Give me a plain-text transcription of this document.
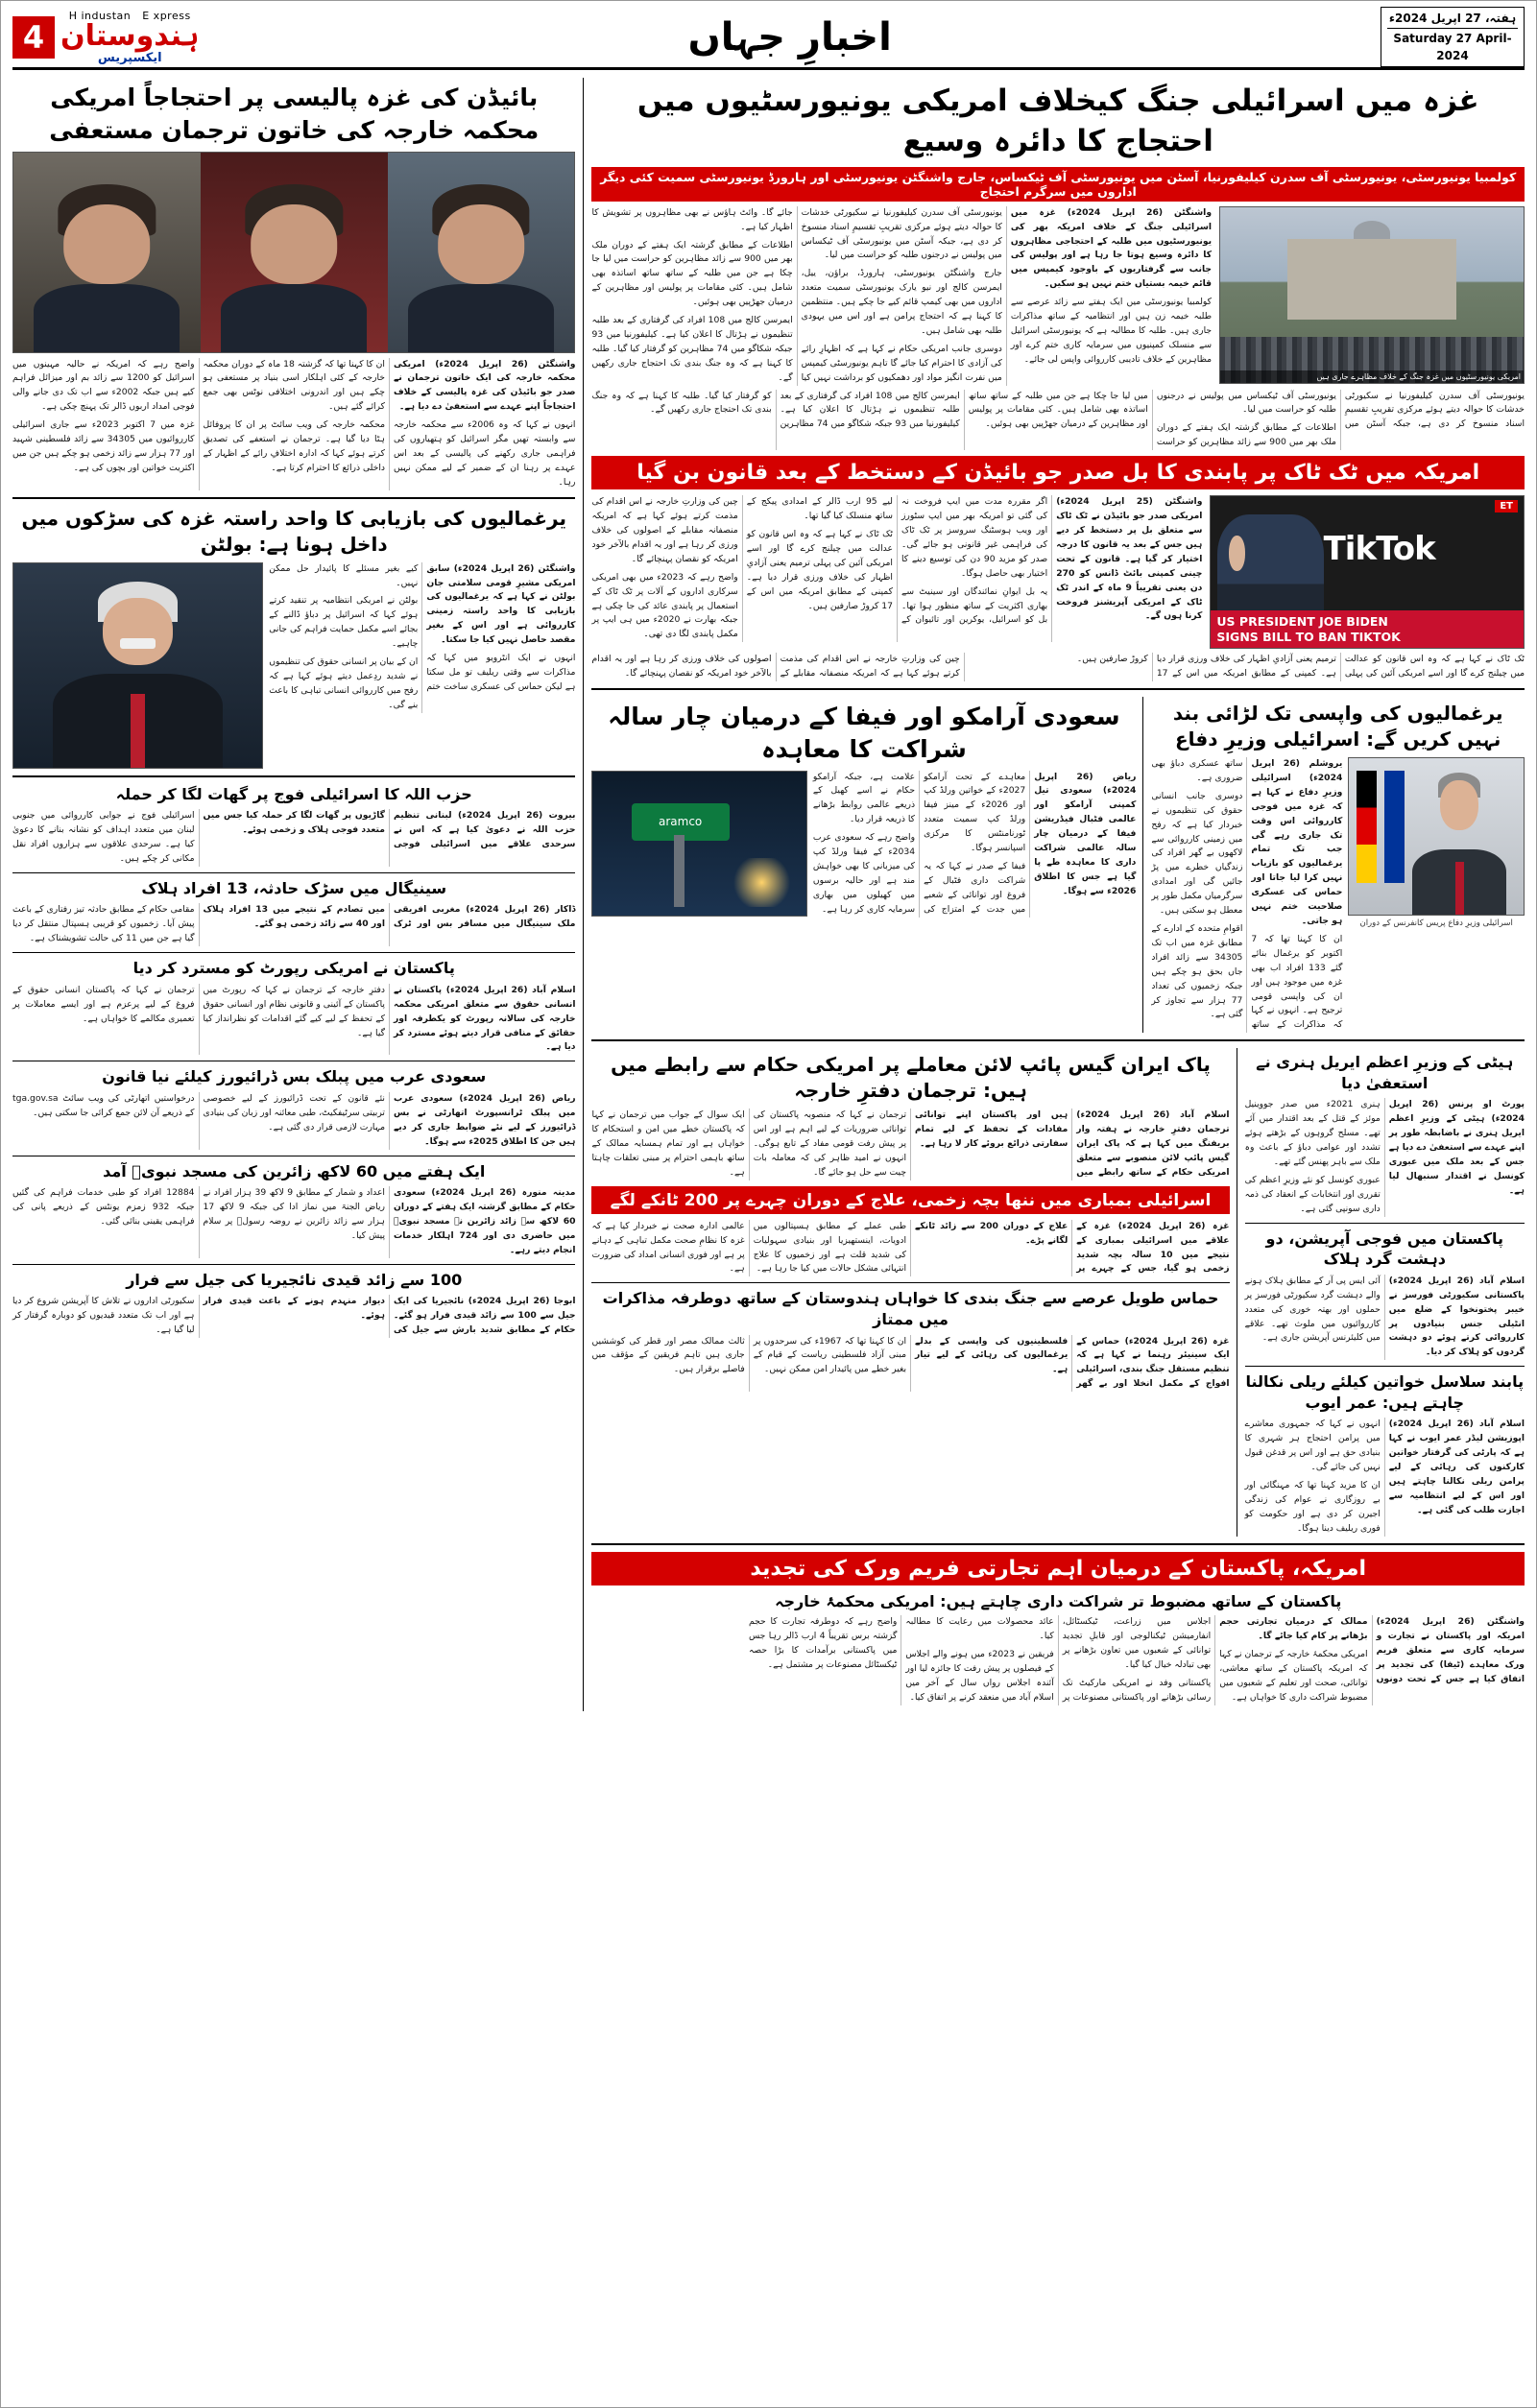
ہفتہ، 27 اپریل 2024ء
Saturday 27 April-2024
اخبارِ جہاں
H industan E xpress
ہندوستان
ایکسپریس
4
غزہ میں اسرائیلی جنگ کیخلاف امریکی یونیورسٹیوں میں احتجاج کا دائرہ وسیع
کولمبیا یونیورسٹی، یونیورسٹی آف سدرن کیلیفورنیا، آسٹن میں یونیورسٹی آف ٹیکساس، جارج واشنگٹن یونیورسٹی اور ہارورڈ یونیورسٹی سمیت کئی دیگر اداروں میں سرگرم احتجاج
امریکی یونیورسٹیوں میں غزہ جنگ کے خلاف مظاہرے جاری ہیں

واشنگٹن (26 اپریل 2024ء) غزہ میں اسرائیلی جنگ کے خلاف امریکہ بھر کی یونیورسٹیوں میں طلبہ کے احتجاجی مظاہروں کا دائرہ وسیع ہوتا جا رہا ہے اور پولیس کی جانب سے گرفتاریوں کے باوجود کیمپس میں قائم خیمہ بستیاں ختم نہیں ہو سکیں۔

کولمبیا یونیورسٹی میں ایک ہفتے سے زائد عرصے سے طلبہ خیمہ زن ہیں اور انتظامیہ کے ساتھ مذاکرات جاری ہیں۔ طلبہ کا مطالبہ ہے کہ یونیورسٹی اسرائیل سے منسلک کمپنیوں میں سرمایہ کاری ختم کرے اور مظاہرین کے خلاف تادیبی کارروائی واپس لی جائے۔

یونیورسٹی آف سدرن کیلیفورنیا نے سکیورٹی خدشات کا حوالہ دیتے ہوئے مرکزی تقریبِ تقسیمِ اسناد منسوخ کر دی ہے، جبکہ آسٹن میں یونیورسٹی آف ٹیکساس میں پولیس نے درجنوں طلبہ کو حراست میں لیا۔

جارج واشنگٹن یونیورسٹی، ہارورڈ، براؤن، ییل، ایمرسن کالج اور نیو یارک یونیورسٹی سمیت متعدد اداروں میں بھی کیمپ قائم کیے جا چکے ہیں۔ منتظمین کا کہنا ہے کہ احتجاج پرامن ہے اور اس میں یہودی طلبہ بھی شامل ہیں۔

دوسری جانب امریکی حکام نے کہا ہے کہ اظہارِ رائے کی آزادی کا احترام کیا جائے گا تاہم یونیورسٹی کیمپس میں نفرت انگیز مواد اور دھمکیوں کو برداشت نہیں کیا جائے گا۔ وائٹ ہاؤس نے بھی مظاہروں پر تشویش کا اظہار کیا ہے۔

اطلاعات کے مطابق گزشتہ ایک ہفتے کے دوران ملک بھر میں 900 سے زائد مظاہرین کو حراست میں لیا جا چکا ہے جن میں طلبہ کے ساتھ ساتھ اساتذہ بھی شامل ہیں۔ کئی مقامات پر پولیس اور مظاہرین کے درمیان جھڑپیں بھی ہوئیں۔

ایمرسن کالج میں 108 افراد کی گرفتاری کے بعد طلبہ تنظیموں نے ہڑتال کا اعلان کیا ہے۔ کیلیفورنیا میں 93 جبکہ شکاگو میں 74 مظاہرین کو گرفتار کیا گیا۔ طلبہ کا کہنا ہے کہ وہ جنگ بندی تک احتجاج جاری رکھیں گے۔

یونیورسٹی آف سدرن کیلیفورنیا نے سکیورٹی خدشات کا حوالہ دیتے ہوئے مرکزی تقریبِ تقسیمِ اسناد منسوخ کر دی ہے، جبکہ آسٹن میں یونیورسٹی آف ٹیکساس میں پولیس نے درجنوں طلبہ کو حراست میں لیا۔

اطلاعات کے مطابق گزشتہ ایک ہفتے کے دوران ملک بھر میں 900 سے زائد مظاہرین کو حراست میں لیا جا چکا ہے جن میں طلبہ کے ساتھ ساتھ اساتذہ بھی شامل ہیں۔ کئی مقامات پر پولیس اور مظاہرین کے درمیان جھڑپیں بھی ہوئیں۔

ایمرسن کالج میں 108 افراد کی گرفتاری کے بعد طلبہ تنظیموں نے ہڑتال کا اعلان کیا ہے۔ کیلیفورنیا میں 93 جبکہ شکاگو میں 74 مظاہرین کو گرفتار کیا گیا۔ طلبہ کا کہنا ہے کہ وہ جنگ بندی تک احتجاج جاری رکھیں گے۔

امریکہ میں ٹک ٹاک پر پابندی کا بل صدر جو بائیڈن کے دستخط کے بعد قانون بن گیا
ET
TikTok
US PRESIDENT JOE BIDEN
SIGNS BILL TO BAN TIKTOK

واشنگٹن (25 اپریل 2024ء) امریکی صدر جو بائیڈن نے ٹک ٹاک سے متعلق بل پر دستخط کر دیے ہیں جس کے بعد یہ قانون کا درجہ اختیار کر گیا ہے۔ قانون کے تحت چینی کمپنی بائٹ ڈانس کو 270 دن یعنی تقریباً 9 ماہ کے اندر ٹک ٹاک کے امریکی آپریشنز فروخت کرنا ہوں گے۔

اگر مقررہ مدت میں ایپ فروخت نہ کی گئی تو امریکہ بھر میں ایپ سٹورز اور ویب ہوسٹنگ سروسز پر ٹک ٹاک کی فراہمی غیر قانونی ہو جائے گی۔ صدر کو مزید 90 دن کی توسیع دینے کا اختیار بھی حاصل ہوگا۔

یہ بل ایوانِ نمائندگان اور سینیٹ سے بھاری اکثریت کے ساتھ منظور ہوا تھا۔ بل کو اسرائیل، یوکرین اور تائیوان کے لیے 95 ارب ڈالر کے امدادی پیکج کے ساتھ منسلک کیا گیا تھا۔

ٹک ٹاک نے کہا ہے کہ وہ اس قانون کو عدالت میں چیلنج کرے گا اور اسے امریکی آئین کی پہلی ترمیم یعنی آزادیِ اظہار کی خلاف ورزی قرار دیا ہے۔ کمپنی کے مطابق امریکہ میں اس کے 17 کروڑ صارفین ہیں۔

چین کی وزارتِ خارجہ نے اس اقدام کی مذمت کرتے ہوئے کہا ہے کہ امریکہ منصفانہ مقابلے کے اصولوں کی خلاف ورزی کر رہا ہے اور یہ اقدام بالآخر خود امریکہ کو نقصان پہنچائے گا۔

واضح رہے کہ 2023ء میں بھی امریکی سرکاری اداروں کے آلات پر ٹک ٹاک کے استعمال پر پابندی عائد کی جا چکی ہے جبکہ بھارت نے 2020ء میں ہی ایپ پر مکمل پابندی لگا دی تھی۔

ٹک ٹاک نے کہا ہے کہ وہ اس قانون کو عدالت میں چیلنج کرے گا اور اسے امریکی آئین کی پہلی ترمیم یعنی آزادیِ اظہار کی خلاف ورزی قرار دیا ہے۔ کمپنی کے مطابق امریکہ میں اس کے 17 کروڑ صارفین ہیں۔

چین کی وزارتِ خارجہ نے اس اقدام کی مذمت کرتے ہوئے کہا ہے کہ امریکہ منصفانہ مقابلے کے اصولوں کی خلاف ورزی کر رہا ہے اور یہ اقدام بالآخر خود امریکہ کو نقصان پہنچائے گا۔

یرغمالیوں کی واپسی تک لڑائی بند نہیں کریں گے: اسرائیلی وزیرِ دفاع
اسرائیلی وزیرِ دفاع پریس کانفرنس کے دوران

یروشلم (26 اپریل 2024ء) اسرائیلی وزیرِ دفاع نے کہا ہے کہ غزہ میں فوجی کارروائی اس وقت تک جاری رہے گی جب تک تمام یرغمالیوں کو بازیاب نہیں کرا لیا جاتا اور حماس کی عسکری صلاحیت ختم نہیں ہو جاتی۔

ان کا کہنا تھا کہ 7 اکتوبر کو یرغمال بنائے گئے 133 افراد اب بھی غزہ میں موجود ہیں اور ان کی واپسی قومی ترجیح ہے۔ انہوں نے کہا کہ مذاکرات کے ساتھ ساتھ عسکری دباؤ بھی ضروری ہے۔

دوسری جانب انسانی حقوق کی تنظیموں نے خبردار کیا ہے کہ رفح میں زمینی کارروائی سے لاکھوں بے گھر افراد کی زندگیاں خطرے میں پڑ جائیں گی اور امدادی سرگرمیاں مکمل طور پر معطل ہو سکتی ہیں۔

اقوامِ متحدہ کے ادارے کے مطابق غزہ میں اب تک 34305 سے زائد افراد جاں بحق ہو چکے ہیں جبکہ زخمیوں کی تعداد 77 ہزار سے تجاوز کر گئی ہے۔

سعودی آرامکو اور فیفا کے درمیان چار سالہ شراکت کا معاہدہ

ریاض (26 اپریل 2024ء) سعودی تیل کمپنی آرامکو اور عالمی فٹبال فیڈریشن فیفا کے درمیان چار سالہ عالمی شراکت داری کا معاہدہ طے پا گیا ہے جس کا اطلاق 2026ء سے ہوگا۔

معاہدے کے تحت آرامکو 2027ء کے خواتین ورلڈ کپ اور 2026ء کے مینز فیفا ورلڈ کپ سمیت متعدد ٹورنامنٹس کا مرکزی اسپانسر ہوگا۔

فیفا کے صدر نے کہا کہ یہ شراکت داری فٹبال کے فروغ اور توانائی کے شعبے میں جدت کے امتزاج کی علامت ہے، جبکہ آرامکو حکام نے اسے کھیل کے ذریعے عالمی روابط بڑھانے کا ذریعہ قرار دیا۔

واضح رہے کہ سعودی عرب 2034ء کے فیفا ورلڈ کپ کی میزبانی کا بھی خواہش مند ہے اور حالیہ برسوں میں کھیلوں میں بھاری سرمایہ کاری کر رہا ہے۔

aramco
ہیٹی کے وزیرِ اعظم ایریل ہنری نے استعفیٰ دیا

پورٹ او پرنس (26 اپریل 2024ء) ہیٹی کے وزیرِ اعظم ایریل ہنری نے باضابطہ طور پر اپنے عہدے سے استعفیٰ دے دیا ہے جس کے بعد ملک میں عبوری کونسل نے اقتدار سنبھال لیا ہے۔

ہنری 2021ء میں صدر جووینیل موئز کے قتل کے بعد اقتدار میں آئے تھے۔ مسلح گروہوں کے بڑھتے ہوئے تشدد اور عوامی دباؤ کے باعث وہ ملک سے باہر پھنس گئے تھے۔

عبوری کونسل کو نئے وزیرِ اعظم کی تقرری اور انتخابات کے انعقاد کی ذمہ داری سونپی گئی ہے۔

پاکستان میں فوجی آپریشن، دو دہشت گرد ہلاک

اسلام آباد (26 اپریل 2024ء) پاکستانی سکیورٹی فورسز نے خیبر پختونخوا کے ضلع میں انٹیلی جنس بنیادوں پر کارروائی کرتے ہوئے دو دہشت گردوں کو ہلاک کر دیا۔

آئی ایس پی آر کے مطابق ہلاک ہونے والے دہشت گرد سکیورٹی فورسز پر حملوں اور بھتہ خوری کی متعدد کارروائیوں میں ملوث تھے۔ علاقے میں کلیئرنس آپریشن جاری ہے۔

پابند سلاسل خواتین کیلئے ریلی نکالنا چاہتے ہیں: عمر ایوب

اسلام آباد (26 اپریل 2024ء) اپوزیشن لیڈر عمر ایوب نے کہا ہے کہ پارٹی کی گرفتار خواتین کارکنوں کی رہائی کے لیے پرامن ریلی نکالنا چاہتے ہیں اور اس کے لیے انتظامیہ سے اجازت طلب کی گئی ہے۔

انہوں نے کہا کہ جمہوری معاشرے میں پرامن احتجاج ہر شہری کا بنیادی حق ہے اور اس پر قدغن قبول نہیں کی جائے گی۔

ان کا مزید کہنا تھا کہ مہنگائی اور بے روزگاری نے عوام کی زندگی اجیرن کر دی ہے اور حکومت کو فوری ریلیف دینا ہوگا۔

پاک ایران گیس پائپ لائن معاملے پر امریکی حکام سے رابطے میں ہیں: ترجمان دفترِ خارجہ

اسلام آباد (26 اپریل 2024ء) ترجمان دفترِ خارجہ نے ہفتہ وار بریفنگ میں کہا ہے کہ پاک ایران گیس پائپ لائن منصوبے سے متعلق امریکی حکام کے ساتھ رابطے میں ہیں اور پاکستان اپنے توانائی مفادات کے تحفظ کے لیے تمام سفارتی ذرائع بروئے کار لا رہا ہے۔

ترجمان نے کہا کہ منصوبہ پاکستان کی توانائی ضروریات کے لیے اہم ہے اور اس پر پیش رفت قومی مفاد کے تابع ہوگی۔ انہوں نے امید ظاہر کی کہ معاملہ بات چیت سے حل ہو جائے گا۔

ایک سوال کے جواب میں ترجمان نے کہا کہ پاکستان خطے میں امن و استحکام کا خواہاں ہے اور تمام ہمسایہ ممالک کے ساتھ باہمی احترام پر مبنی تعلقات چاہتا ہے۔

اسرائیلی بمباری میں ننھا بچہ زخمی، علاج کے دوران چہرے پر 200 ٹانکے لگے

غزہ (26 اپریل 2024ء) غزہ کے علاقے میں اسرائیلی بمباری کے نتیجے میں 10 سالہ بچہ شدید زخمی ہو گیا، جس کے چہرے پر علاج کے دوران 200 سے زائد ٹانکے لگانے پڑے۔

طبی عملے کے مطابق ہسپتالوں میں ادویات، اینستھیزیا اور بنیادی سہولیات کی شدید قلت ہے اور زخمیوں کا علاج انتہائی مشکل حالات میں کیا جا رہا ہے۔

عالمی ادارہ صحت نے خبردار کیا ہے کہ غزہ کا نظامِ صحت مکمل تباہی کے دہانے پر ہے اور فوری انسانی امداد کی ضرورت ہے۔

حماس طویل عرصے سے جنگ بندی کا خواہاں ہندوستان کے ساتھ دوطرفہ مذاکرات میں ممتاز

غزہ (26 اپریل 2024ء) حماس کے ایک سینیئر رہنما نے کہا ہے کہ تنظیم مستقل جنگ بندی، اسرائیلی افواج کے مکمل انخلا اور بے گھر فلسطینیوں کی واپسی کے بدلے یرغمالیوں کی رہائی کے لیے تیار ہے۔

ان کا کہنا تھا کہ 1967ء کی سرحدوں پر مبنی آزاد فلسطینی ریاست کے قیام کے بغیر خطے میں پائیدار امن ممکن نہیں۔

ثالث ممالک مصر اور قطر کی کوششیں جاری ہیں تاہم فریقین کے مؤقف میں فاصلے برقرار ہیں۔

امریکہ، پاکستان کے درمیان اہم تجارتی فریم ورک کی تجدید
پاکستان کے ساتھ مضبوط تر شراکت داری چاہتے ہیں: امریکی محکمۂ خارجہ

واشنگٹن (26 اپریل 2024ء) امریکہ اور پاکستان نے تجارت و سرمایہ کاری سے متعلق فریم ورک معاہدے (ٹیفا) کی تجدید پر اتفاق کیا ہے جس کے تحت دونوں ممالک کے درمیان تجارتی حجم بڑھانے پر کام کیا جائے گا۔

امریکی محکمۂ خارجہ کے ترجمان نے کہا کہ امریکہ پاکستان کے ساتھ معاشی، توانائی، صحت اور تعلیم کے شعبوں میں مضبوط شراکت داری کا خواہاں ہے۔

اجلاس میں زراعت، ٹیکسٹائل، انفارمیشن ٹیکنالوجی اور قابلِ تجدید توانائی کے شعبوں میں تعاون بڑھانے پر بھی تبادلہ خیال کیا گیا۔

پاکستانی وفد نے امریکی مارکیٹ تک رسائی بڑھانے اور پاکستانی مصنوعات پر عائد محصولات میں رعایت کا مطالبہ کیا۔

فریقین نے 2023ء میں ہونے والے اجلاس کے فیصلوں پر پیش رفت کا جائزہ لیا اور آئندہ اجلاس رواں سال کے آخر میں اسلام آباد میں منعقد کرنے پر اتفاق کیا۔

واضح رہے کہ دوطرفہ تجارت کا حجم گزشتہ برس تقریباً 4 ارب ڈالر رہا جس میں پاکستانی برآمدات کا بڑا حصہ ٹیکسٹائل مصنوعات پر مشتمل ہے۔

بائیڈن کی غزہ پالیسی پر احتجاجاً امریکی محکمہ خارجہ کی خاتون ترجمان مستعفی

واشنگٹن (26 اپریل 2024ء) امریکی محکمہ خارجہ کی ایک خاتون ترجمان نے صدر جو بائیڈن کی غزہ پالیسی کے خلاف احتجاجاً اپنے عہدے سے استعفیٰ دے دیا ہے۔

انہوں نے کہا کہ وہ 2006ء سے محکمہ خارجہ سے وابستہ تھیں مگر اسرائیل کو ہتھیاروں کی فراہمی جاری رکھنے کی پالیسی کے بعد اس عہدے پر رہنا ان کے ضمیر کے لیے ممکن نہیں رہا۔

ان کا کہنا تھا کہ گزشتہ 18 ماہ کے دوران محکمہ خارجہ کے کئی اہلکار اسی بنیاد پر مستعفی ہو چکے ہیں اور اندرونی اختلافی نوٹس بھی جمع کرائے گئے ہیں۔

محکمہ خارجہ کی ویب سائٹ پر ان کا پروفائل ہٹا دیا گیا ہے۔ ترجمان نے استعفے کی تصدیق کرتے ہوئے کہا کہ ادارہ اختلافِ رائے کے اظہار کے داخلی ذرائع کا احترام کرتا ہے۔

واضح رہے کہ امریکہ نے حالیہ مہینوں میں اسرائیل کو 1200 سے زائد بم اور میزائل فراہم کیے ہیں جبکہ 2002ء سے اب تک دی جانے والی فوجی امداد اربوں ڈالر تک پہنچ چکی ہے۔

غزہ میں 7 اکتوبر 2023ء سے جاری اسرائیلی کارروائیوں میں 34305 سے زائد فلسطینی شہید اور 77 ہزار سے زائد زخمی ہو چکے ہیں جن میں اکثریت خواتین اور بچوں کی ہے۔

یرغمالیوں کی بازیابی کا واحد راستہ غزہ کی سڑکوں میں داخل ہونا ہے: بولٹن

واشنگٹن (26 اپریل 2024ء) سابق امریکی مشیرِ قومی سلامتی جان بولٹن نے کہا ہے کہ یرغمالیوں کی بازیابی کا واحد راستہ زمینی کارروائی ہے اور اس کے بغیر مقصد حاصل نہیں کیا جا سکتا۔

انہوں نے ایک انٹرویو میں کہا کہ مذاکرات سے وقتی ریلیف تو مل سکتا ہے لیکن حماس کی عسکری ساخت ختم کیے بغیر مسئلے کا پائیدار حل ممکن نہیں۔

بولٹن نے امریکی انتظامیہ پر تنقید کرتے ہوئے کہا کہ اسرائیل پر دباؤ ڈالنے کے بجائے اسے مکمل حمایت فراہم کی جانی چاہیے۔

ان کے بیان پر انسانی حقوق کی تنظیموں نے شدید ردِعمل دیتے ہوئے کہا ہے کہ رفح میں کارروائی انسانی تباہی کا باعث بنے گی۔

حزب اللہ کا اسرائیلی فوج پر گھات لگا کر حملہ

بیروت (26 اپریل 2024ء) لبنانی تنظیم حزب اللہ نے دعویٰ کیا ہے کہ اس نے سرحدی علاقے میں اسرائیلی فوجی گاڑیوں پر گھات لگا کر حملہ کیا جس میں متعدد فوجی ہلاک و زخمی ہوئے۔

اسرائیلی فوج نے جوابی کارروائی میں جنوبی لبنان میں متعدد اہداف کو نشانہ بنانے کا دعویٰ کیا ہے۔ سرحدی علاقوں سے ہزاروں افراد نقل مکانی کر چکے ہیں۔

سینیگال میں سڑک حادثہ، 13 افراد ہلاک

ڈاکار (26 اپریل 2024ء) مغربی افریقی ملک سینیگال میں مسافر بس اور ٹرک میں تصادم کے نتیجے میں 13 افراد ہلاک اور 40 سے زائد زخمی ہو گئے۔

مقامی حکام کے مطابق حادثہ تیز رفتاری کے باعث پیش آیا۔ زخمیوں کو قریبی ہسپتال منتقل کر دیا گیا ہے جن میں 11 کی حالت تشویشناک ہے۔

پاکستان نے امریکی رپورٹ کو مسترد کر دیا

اسلام آباد (26 اپریل 2024ء) پاکستان نے انسانی حقوق سے متعلق امریکی محکمہ خارجہ کی سالانہ رپورٹ کو یکطرفہ اور حقائق کے منافی قرار دیتے ہوئے مسترد کر دیا ہے۔

دفترِ خارجہ کے ترجمان نے کہا کہ رپورٹ میں پاکستان کے آئینی و قانونی نظام اور انسانی حقوق کے تحفظ کے لیے کیے گئے اقدامات کو نظرانداز کیا گیا ہے۔

ترجمان نے کہا کہ پاکستان انسانی حقوق کے فروغ کے لیے پرعزم ہے اور ایسے معاملات پر تعمیری مکالمے کا خواہاں ہے۔

سعودی عرب میں پبلک بس ڈرائیورز کیلئے نیا قانون

ریاض (26 اپریل 2024ء) سعودی عرب میں پبلک ٹرانسپورٹ اتھارٹی نے بس ڈرائیورز کے لیے نئے ضوابط جاری کر دیے ہیں جن کا اطلاق 2025ء سے ہوگا۔

نئے قانون کے تحت ڈرائیورز کے لیے خصوصی تربیتی سرٹیفکیٹ، طبی معائنہ اور زبان کی بنیادی مہارت لازمی قرار دی گئی ہے۔

درخواستیں اتھارٹی کی ویب سائٹ tga.gov.sa کے ذریعے آن لائن جمع کرائی جا سکتی ہیں۔

ایک ہفتے میں 60 لاکھ زائرین کی مسجد نبویؐ آمد

مدینہ منورہ (26 اپریل 2024ء) سعودی حکام کے مطابق گزشتہ ایک ہفتے کے دوران 60 لاکھ سے زائد زائرین نے مسجد نبویؐ میں حاضری دی اور 724 اہلکار خدمات انجام دیتے رہے۔

اعداد و شمار کے مطابق 9 لاکھ 39 ہزار افراد نے ریاض الجنۃ میں نماز ادا کی جبکہ 9 لاکھ 17 ہزار سے زائد زائرین نے روضہ رسولؐ پر سلام پیش کیا۔

12884 افراد کو طبی خدمات فراہم کی گئیں جبکہ 932 زمزم یونٹس کے ذریعے پانی کی فراہمی یقینی بنائی گئی۔

100 سے زائد قیدی نائجیریا کی جیل سے فرار

ابوجا (26 اپریل 2024ء) نائجیریا کی ایک جیل سے 100 سے زائد قیدی فرار ہو گئے۔ حکام کے مطابق شدید بارش سے جیل کی دیوار منہدم ہونے کے باعث قیدی فرار ہوئے۔

سکیورٹی اداروں نے تلاش کا آپریشن شروع کر دیا ہے اور اب تک متعدد قیدیوں کو دوبارہ گرفتار کر لیا گیا ہے۔
